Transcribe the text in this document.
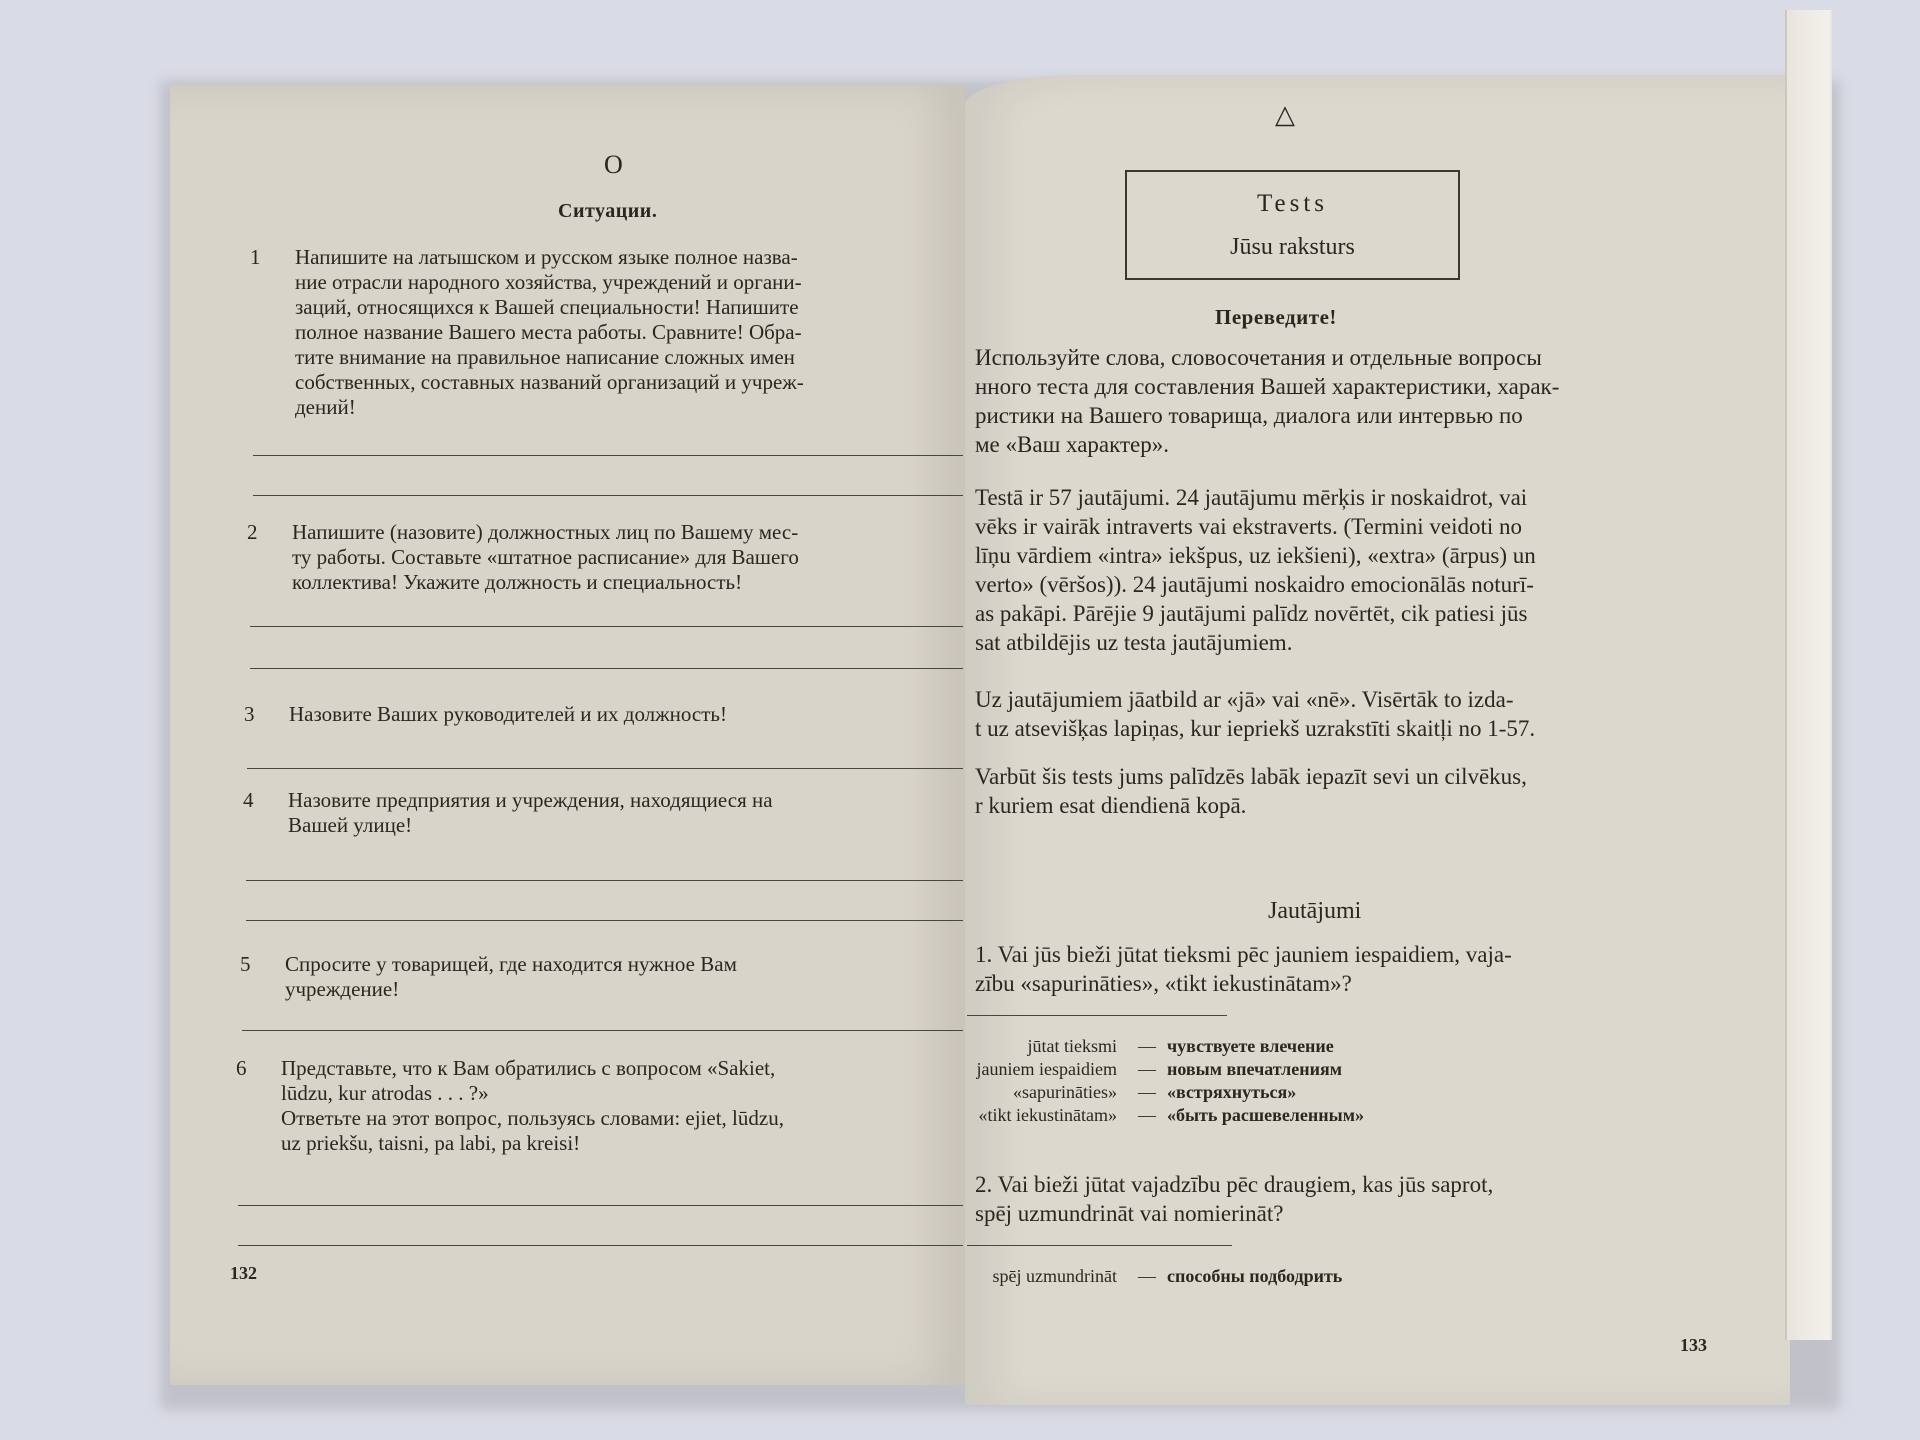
O
Ситуации.
1	Напишите на латышском и русском языке полное назва-
ние отрасли народного хозяйства, учреждений и органи-
заций, относящихся к Вашей специальности! Напишите
полное название Вашего места работы. Сравните! Обра-
тите внимание на правильное написание сложных имен
собственных, составных названий организаций и учреж-
дений!
2	Напишите (назовите) должностных лиц по Вашему мес-
ту работы. Составьте «штатное расписание» для Вашего
коллектива! Укажите должность и специальность!
3	Назовите Ваших руководителей и их должность!
4	Назовите предприятия и учреждения, находящиеся на
Вашей улице!
5	Спросите у товарищей, где находится нужное Вам
учреждение!
6	Представьте, что к Вам обратились с вопросом «Sakiet,
lūdzu, kur atrodas . . . ?»
Ответьте на этот вопрос, пользуясь словами: ejiet, lūdzu,
uz priekšu, taisni, pa labi, pa kreisi!
132
△
Tests
Jūsu raksturs
Переведите!
Используйте слова, словосочетания и отдельные вопросы
нного теста для составления Вашей характеристики, харак-
ристики на Вашего товарища, диалога или интервью по
ме «Ваш характер».
Testā ir 57 jautājumi. 24 jautājumu mērķis ir noskaidrot, vai
vēks ir vairāk intraverts vai ekstraverts. (Termini veidoti no
līņu vārdiem «intra» iekšpus, uz iekšieni), «extra» (ārpus) un
verto» (vēršos)). 24 jautājumi noskaidro emocionālās noturī-
as pakāpi. Pārējie 9 jautājumi palīdz novērtēt, cik patiesi jūs
sat atbildējis uz testa jautājumiem.
Uz jautājumiem jāatbild ar «jā» vai «nē». Visērtāk to izda-
t uz atsevišķas lapiņas, kur iepriekš uzrakstīti skaitļi no 1-57.
Varbūt šis tests jums palīdzēs labāk iepazīt sevi un cilvēkus,
r kuriem esat diendienā kopā.
Jautājumi
1. Vai jūs bieži jūtat tieksmi pēc jauniem iespaidiem, vaja-
zību «sapurināties», «tikt iekustinātam»?
jūtat tieksmi	— чувствуете влечение
jauniem iespaidiem	— новым впечатлениям
«sapurināties»	— «встряхнуться»
«tikt iekustinātam»	— «быть расшевеленным»
2. Vai bieži jūtat vajadzību pēc draugiem, kas jūs saprot,
spēj uzmundrināt vai nomierināt?
spēj uzmundrināt	— способны подбодрить
133
